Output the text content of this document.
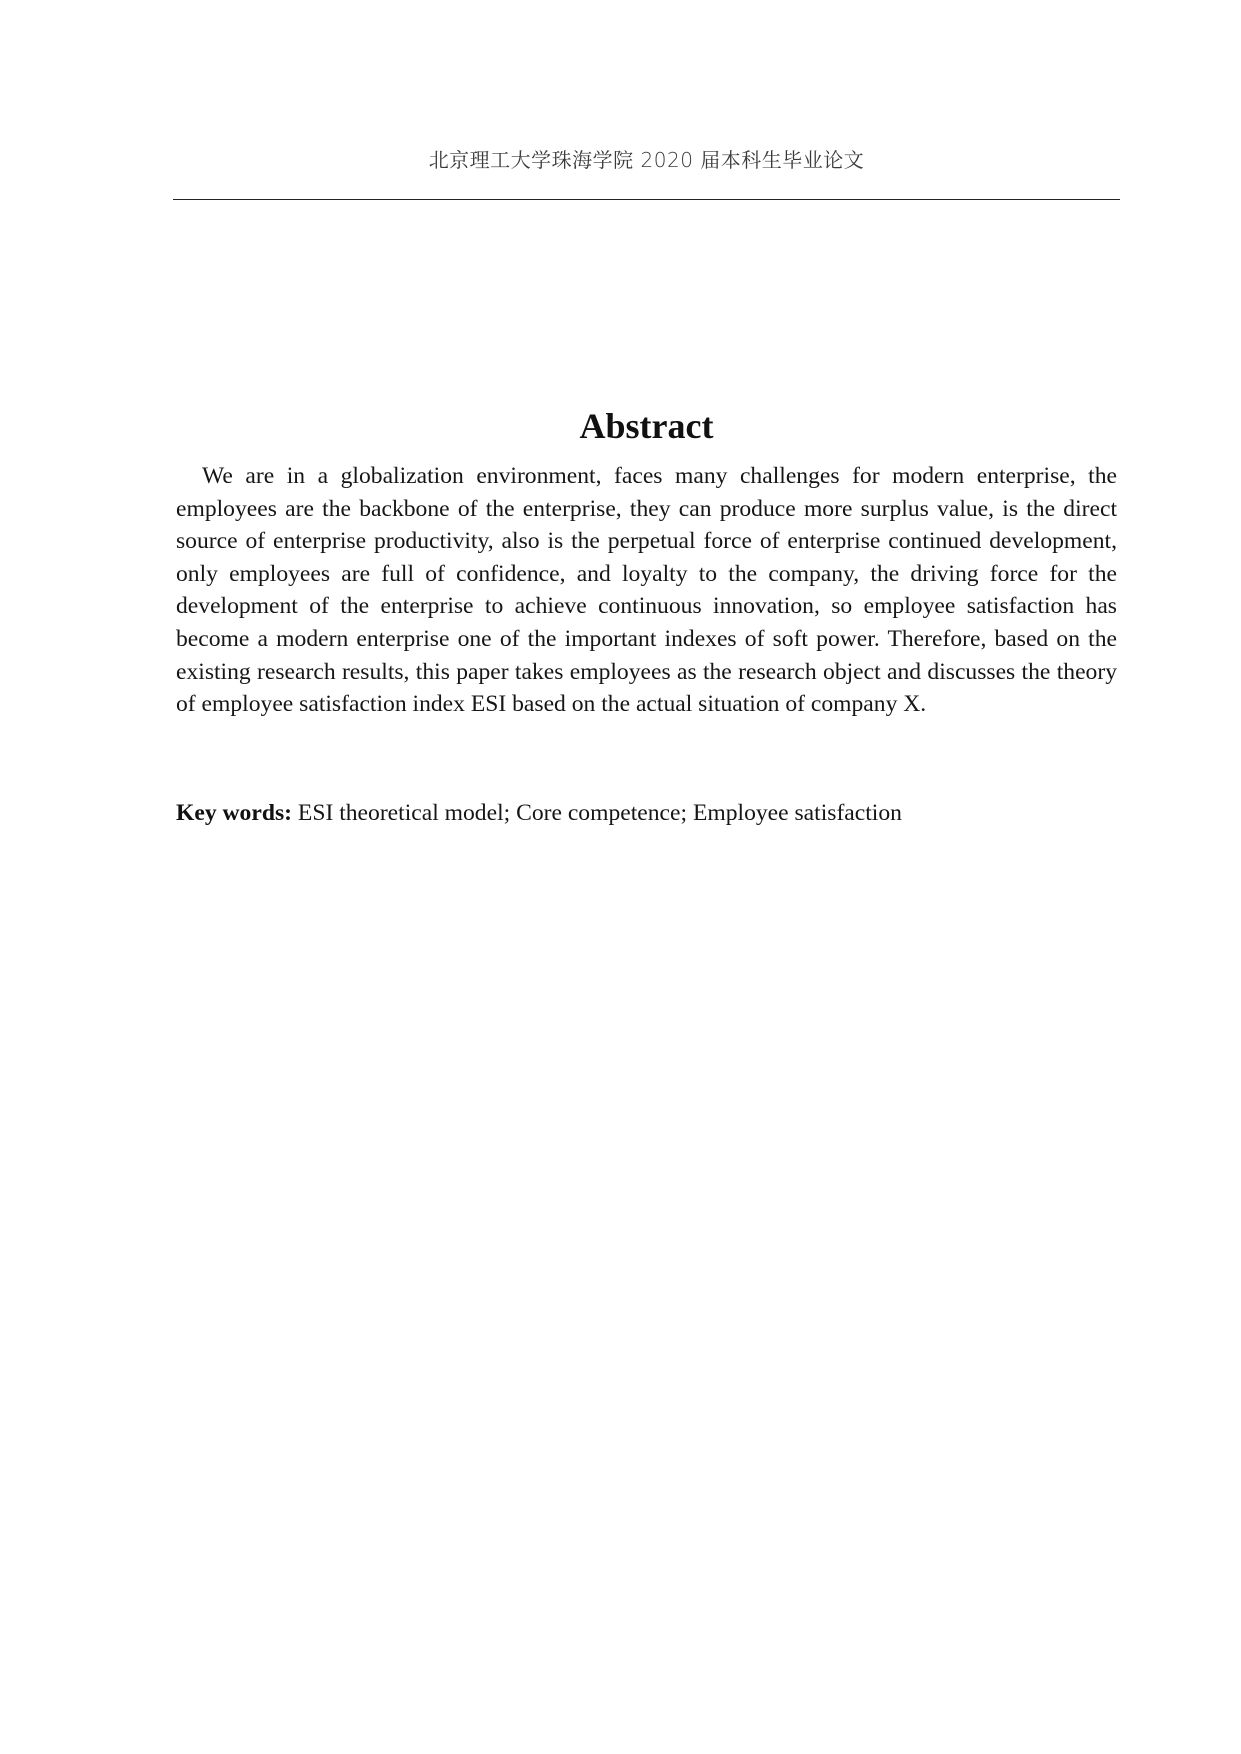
北京理工大学珠海学院 2020 届本科生毕业论文
Abstract

We are in a globalization environment, faces many challenges for modern enterprise, the employees are the backbone of the enterprise, they can produce more surplus value, is the direct source of enterprise productivity, also is the perpetual force of enterprise continued development, only employees are full of confidence, and loyalty to the company, the driving force for the development of the enterprise to achieve continuous innovation, so employee satisfaction has become a modern enterprise one of the important indexes of soft power. Therefore, based on the existing research results, this paper takes employees as the research object and discusses the theory of employee satisfaction index ESI based on the actual situation of company X.

Key words: ESI theoretical model; Core competence; Employee satisfaction
